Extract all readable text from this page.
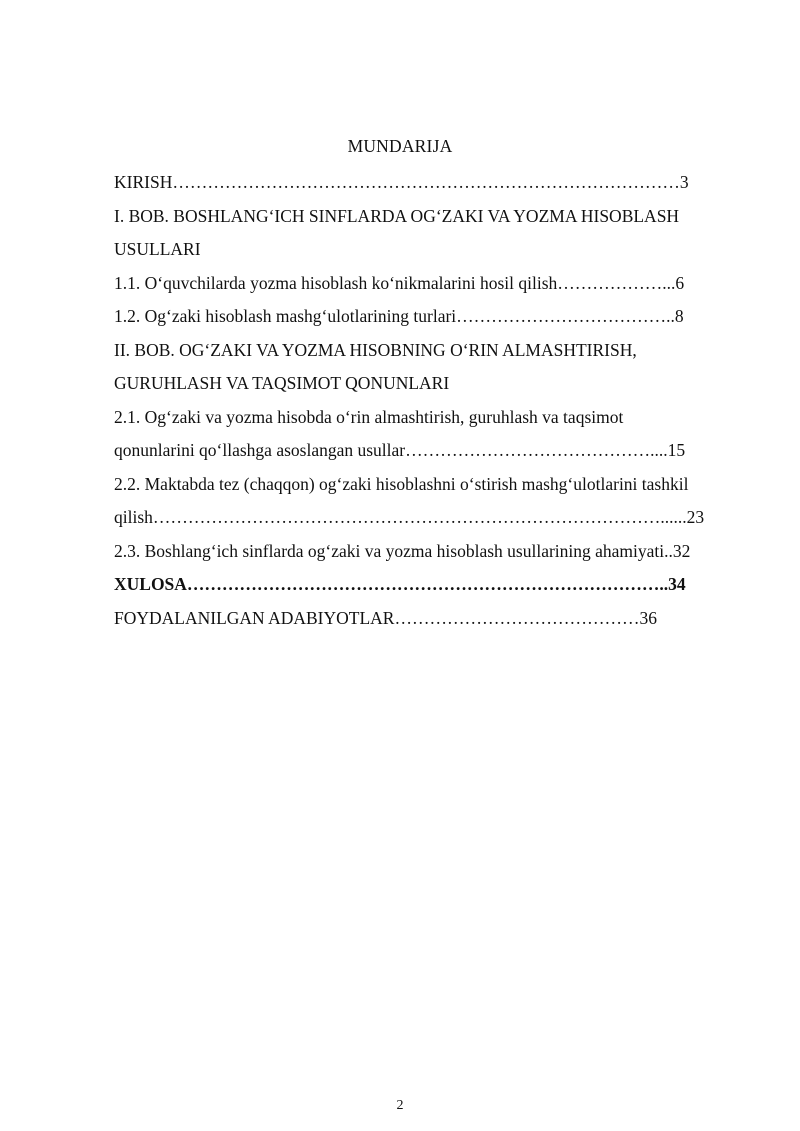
MUNDARIJA
KIRISH……………………………………………………………………………3
I. BOB. BOSHLANG‘ICH SINFLARDA OG‘ZAKI VA YOZMA HISOBLASH
USULLARI
1.1. O‘quvchilarda yozma hisoblash ko‘nikmalarini hosil qilish………………...6
1.2. Og‘zaki hisoblash mashg‘ulotlarining turlari………………………………..8
II. BOB. OG‘ZAKI VA YOZMA HISOBNING O‘RIN ALMASHTIRISH,
GURUHLASH VA TAQSIMOT QONUNLARI
2.1. Og‘zaki va yozma hisobda o‘rin almashtirish, guruhlash va taqsimot
qonunlarini qo‘llashga asoslangan usullar……………………………………....15
2.2. Maktabda tez (chaqqon) og‘zaki hisoblashni o‘stirish mashg‘ulotlarini tashkil
qilish……………………………………………………………………………......23
2.3. Boshlang‘ich sinflarda og‘zaki va yozma hisoblash usullarining ahamiyati..32
XULOSA………………………………………………………………………..34
FOYDALANILGAN ADABIYOTLAR……………………………………36
2
